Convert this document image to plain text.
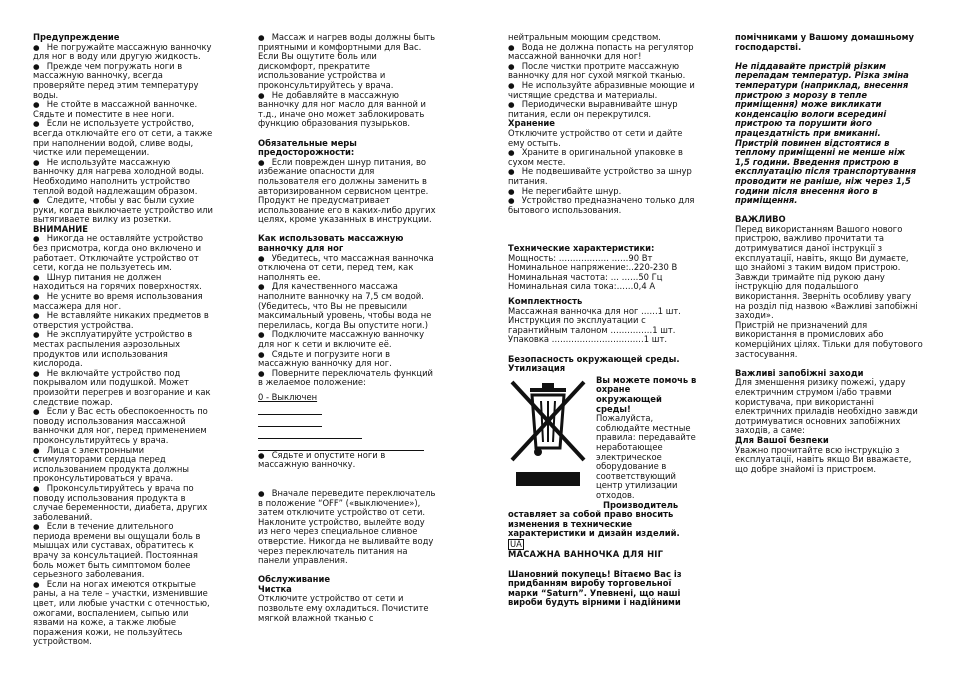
Предупреждение

●   Не погружайте массажную ванночку для ног в воду или другую жидкость.

●   Прежде чем погружать ноги в массажную ванночку, всегда проверяйте перед этим температуру воды.

●   Не стойте в массажной ванночке. Сядьте и поместите в нее ноги.

●   Если не используете устройство, всегда отключайте его от сети, а также при наполнении водой, сливе воды, чистке или перемещении.

●   Не используйте массажную ванночку для нагрева холодной воды. Необходимо наполнить устройство теплой водой надлежащим образом.

●   Следите, чтобы у вас были сухие руки, когда выключаете устройство или вытягиваете вилку из розетки.

ВНИМАНИЕ

●   Никогда не оставляйте устройство без присмотра, когда оно включено и работает. Отключайте устройство от сети, когда не пользуетесь им.

●   Шнур питания не должен находиться на горячих поверхностях.

●   Не усните во время использования массажера для ног.

●   Не вставляйте никаких предметов в отверстия устройства.

●   Не эксплуатируйте устройство в местах распыления аэрозольных продуктов или использования кислорода.

●   Не включайте устройство под покрывалом или подушкой. Может произойти перегрев и возгорание и как следствие пожар.

●   Если у Вас есть обеспокоенность по поводу использования массажной ванночки для ног, перед применением проконсультируйтесь у врача.

●   Лица с электронными стимуляторами сердца перед использованием продукта должны проконсультироваться у врача.

●   Проконсультируйтесь у врача по поводу использования продукта в случае беременности, диабета, других заболеваний.

●   Если в течение длительного периода времени вы ощущали боль в мышцах или суставах, обратитесь к врачу за консультацией. Постоянная боль может быть симптомом более серьезного заболевания.

●   Если на ногах имеются открытые раны, а на теле – участки, изменившие цвет, или любые участки с отечностью, ожогами, воспалением, сыпью или язвами на коже, а также любые поражения кожи, не пользуйтесь устройством.

●   Массаж и нагрев воды должны быть приятными и комфортными для Вас. Если Вы ощутите боль или дискомфорт, прекратите использование устройства и проконсультируйтесь у врача.

●   Не добавляйте в массажную ванночку для ног масло для ванной и т.д., иначе оно может заблокировать функцию образования пузырьков.

Обязательные меры предосторожности:

●   Если поврежден шнур питания, во избежание опасности для пользователя его должны заменить в авторизированном сервисном центре. Продукт не предусматривает использование его в каких-либо других целях, кроме указанных в инструкции.

Как использовать массажную ванночку для ног

●   Убедитесь, что массажная ванночка отключена от сети, перед тем, как наполнять ее.

●   Для качественного массажа наполните ванночку на 7,5 см водой. (Убедитесь, что Вы не превысили максимальный уровень, чтобы вода не перелилась, когда Вы опустите ноги.)

●   Подключите массажную ванночку для ног к сети и включите её.

●   Сядьте и погрузите ноги в массажную ванночку для ног.

●   Поверните переключатель функций в желаемое положение:

0 - Выключен

●   Сядьте и опустите ноги в массажную ванночку.

●   Вначале переведите переключатель в положение “OFF” («выключение»), затем отключите устройство от сети. Наклоните устройство, вылейте воду из него через специальное сливное отверстие. Никогда не выливайте воду через переключатель питания на панели управления.

Обслуживание

Чистка

Отключите устройство от сети и позвольте ему охладиться. Почистите мягкой влажной тканью с

нейтральным моющим средством.

●   Вода не должна попасть на регулятор массажной ванночки для ног!

●   После чистки протрите массажную ванночку для ног сухой мягкой тканью.

●   Не используйте абразивные моющие и чистящие средства и материалы.

●   Периодически выравнивайте шнур питания, если он перекрутился.

Хранение

Отключите устройство от сети и дайте ему остыть.

●   Храните в оригинальной упаковке в сухом месте.

●   Не подвешивайте устройство за шнур питания.

●   Не перегибайте шнур.

●   Устройство предназначено только для бытового использования.

Технические характеристики:

Мощность: ……………… ……90 Вт

Номинальное напряжение:..220-230 В

Номинальная частота: … ……50 Гц

Номинальная сила тока:……0,4 А

Комплектность

Массажная ванночка для ног ……1 шт.

Инструкция по эксплуатации с гарантийным талоном ……………1 шт.

Упаковка ……………………………1 шт.

Безопасность окружающей среды. Утилизация

Вы можете помочь в охране окружающей среды!

Пожалуйста, соблюдайте местные правила: передавайте неработающее электрическое оборудование в соответствующий центр утилизации отходов.

Производитель

оставляет за собой право вносить изменения в технические характеристики и дизайн изделий.

UA

МАСАЖНА ВАННОЧКА ДЛЯ НІГ

Шановний покупець! Вітаємо Вас із придбанням виробу торговельної марки “Saturn”. Упевнені, що наші вироби будуть вірними і надійними

помічниками у Вашому домашньому господарстві.

Не піддавайте пристрій різким перепадам температур. Різка зміна температури (наприклад, внесення пристрою з морозу в тепле приміщення) може викликати конденсацію вологи всередині пристрою та порушити його працездатність при вмиканні. Пристрій повинен відстоятися в теплому приміщенні не менше ніж 1,5 години. Введення пристрою в експлуатацію після транспортування проводити не раніше, ніж через 1,5 години після внесення його в приміщення.

ВАЖЛИВО

Перед використанням Вашого нового пристрою, важливо прочитати та дотримуватися даної інструкції з експлуатації, навіть, якщо Ви думаєте, що знайомі з таким видом пристрою. Завжди тримайте під рукою дану інструкцію для подальшого використання. Зверніть особливу увагу на розділ під назвою «Важливі запобіжні заходи».

Пристрій не призначений для використання в промислових або комерційних цілях. Тільки для побутового застосування.

Важливі запобіжні заходи

Для зменшення ризику пожежі, удару електричним струмом і/або травми користувача, при використанні електричних приладів необхідно завжди дотримуватися основних запобіжних заходів, а саме:

Для Вашої безпеки

Уважно прочитайте всю інструкцію з експлуатації, навіть якщо Ви вважаєте, що добре знайомі із пристроєм.
